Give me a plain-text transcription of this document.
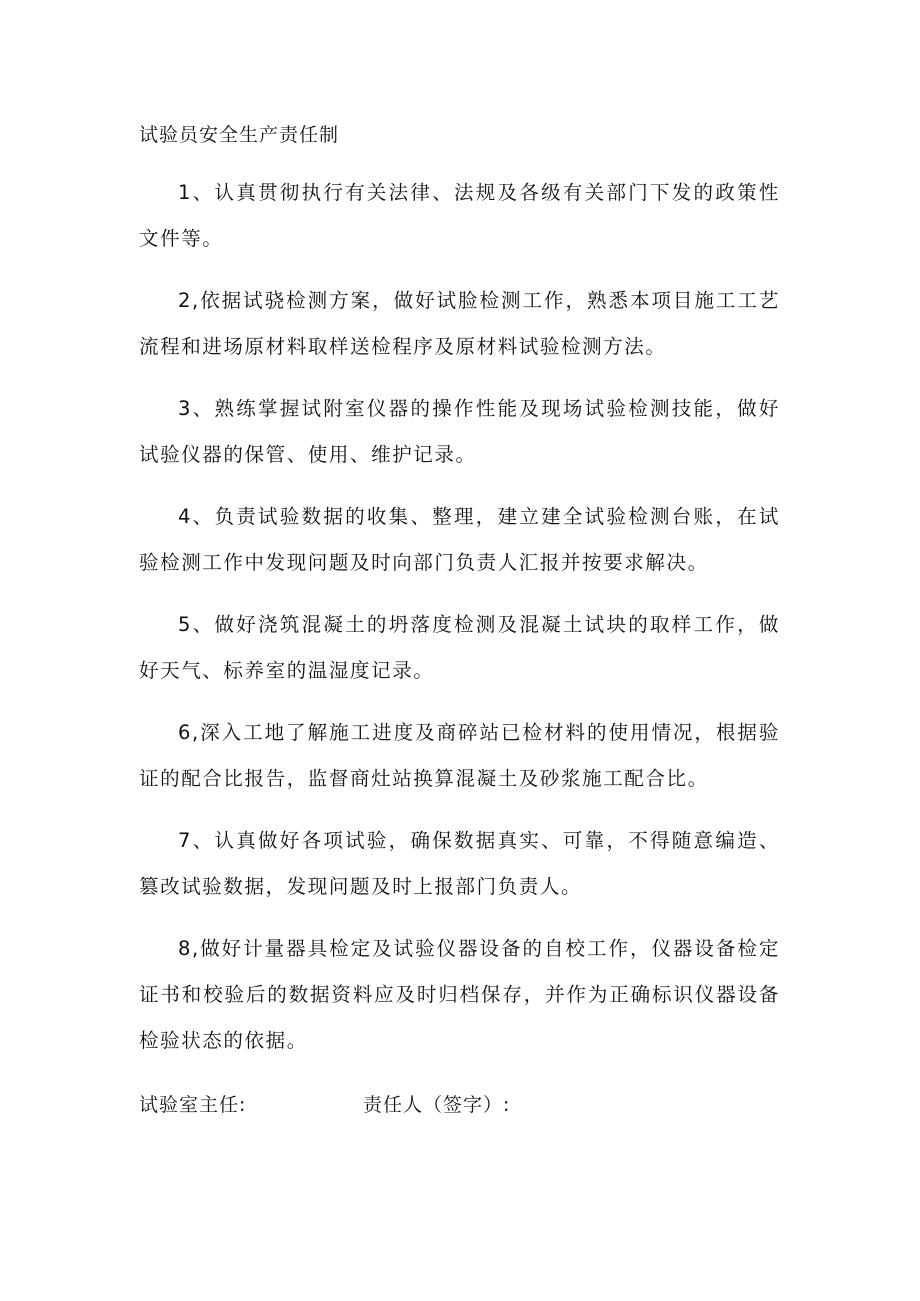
试验员安全生产责任制

1、认真贯彻执行有关法律、法规及各级有关部门下发的政策性文件等。

2,依据试骁检测方案，做好试脸检测工作，熟悉本项目施工工艺流程和进场原材料取样送检程序及原材料试验检测方法。

3、熟练掌握试附室仪器的操作性能及现场试验检测技能，做好试验仪器的保管、使用、维护记录。

4、负责试验数据的收集、整理，建立建全试验检测台账，在试验检测工作中发现问题及时向部门负责人汇报并按要求解决。

5、做好浇筑混凝土的坍落度检测及混凝土试块的取样工作，做好天气、标养室的温湿度记录。

6,深入工地了解施工进度及商碎站已检材料的使用情况，根据验证的配合比报告，监督商灶站换算混凝土及砂浆施工配合比。

7、认真做好各项试验，确保数据真实、可靠，不得随意编造、篡改试验数据，发现问题及时上报部门负责人。

8,做好计量器具检定及试验仪器设备的自校工作，仪器设备检定证书和校验后的数据资料应及时归档保存，并作为正确标识仪器设备检验状态的依据。

试验室主任:	责任人（签字）:
